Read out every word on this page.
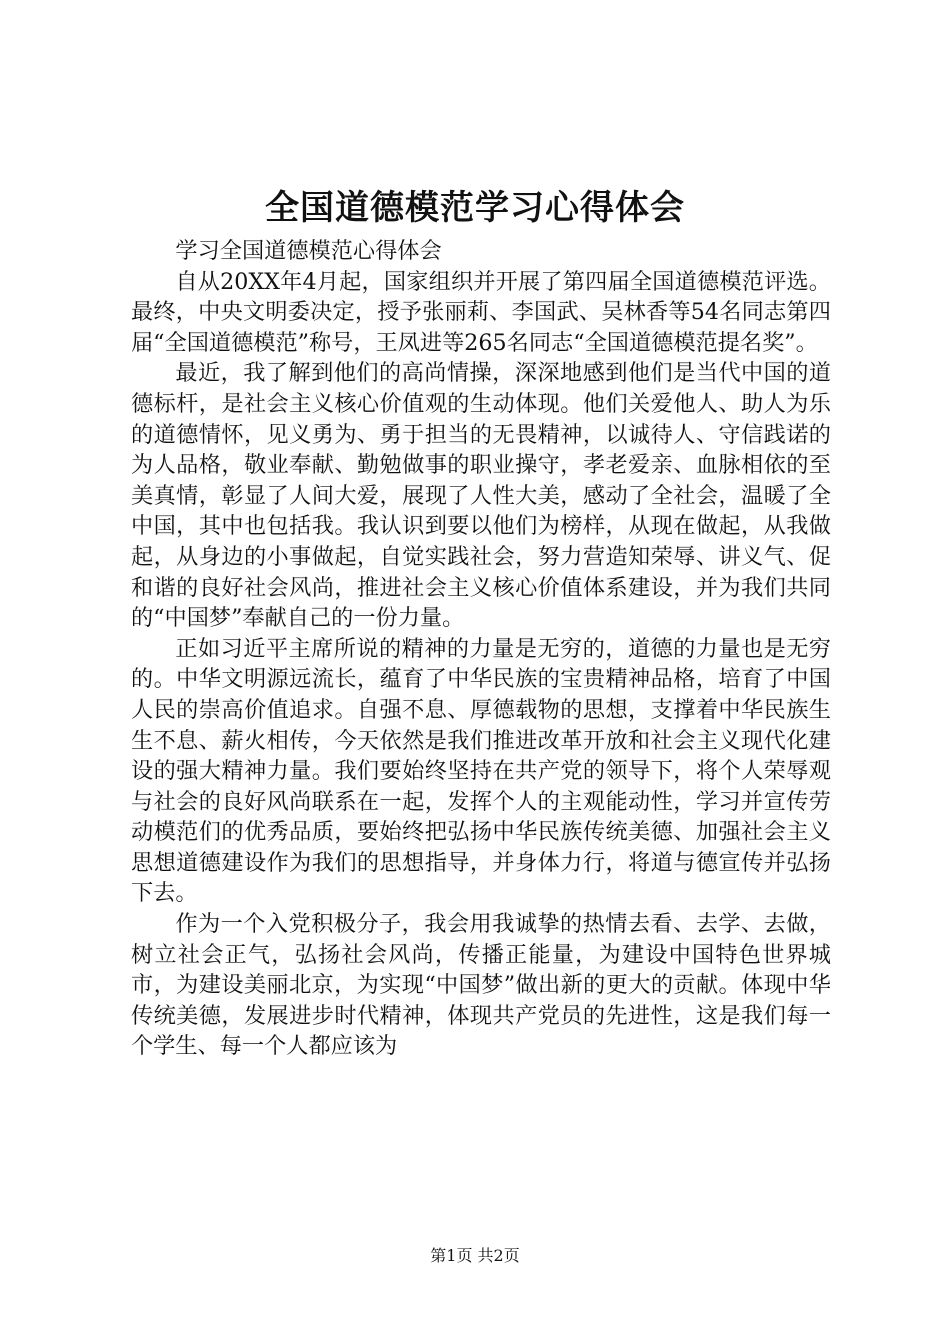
全国道德模范学习心得体会

学习全国道德模范心得体会

自从20XX年4月起，国家组织并开展了第四届全国道德模范评选。最终，中央文明委决定，授予张丽莉、李国武、吴林香等54名同志第四届“全国道德模范”称号，王凤进等265名同志“全国道德模范提名奖”。

最近，我了解到他们的高尚情操，深深地感到他们是当代中国的道德标杆，是社会主义核心价值观的生动体现。他们关爱他人、助人为乐的道德情怀，见义勇为、勇于担当的无畏精神，以诚待人、守信践诺的为人品格，敬业奉献、勤勉做事的职业操守，孝老爱亲、血脉相依的至美真情，彰显了人间大爱，展现了人性大美，感动了全社会，温暖了全中国，其中也包括我。我认识到要以他们为榜样，从现在做起，从我做起，从身边的小事做起，自觉实践社会，努力营造知荣辱、讲义气、促和谐的良好社会风尚，推进社会主义核心价值体系建设，并为我们共同的“中国梦”奉献自己的一份力量。

正如习近平主席所说的精神的力量是无穷的，道德的力量也是无穷的。中华文明源远流长，蕴育了中华民族的宝贵精神品格，培育了中国人民的崇高价值追求。自强不息、厚德载物的思想，支撑着中华民族生生不息、薪火相传，今天依然是我们推进改革开放和社会主义现代化建设的强大精神力量。我们要始终坚持在共产党的领导下，将个人荣辱观与社会的良好风尚联系在一起，发挥个人的主观能动性，学习并宣传劳动模范们的优秀品质，要始终把弘扬中华民族传统美德、加强社会主义思想道德建设作为我们的思想指导，并身体力行，将道与德宣传并弘扬下去。

作为一个入党积极分子，我会用我诚挚的热情去看、去学、去做，树立社会正气，弘扬社会风尚，传播正能量，为建设中国特色世界城市，为建设美丽北京，为实现“中国梦”做出新的更大的贡献。体现中华传统美德，发展进步时代精神，体现共产党员的先进性，这是我们每一个学生、每一个人都应该为

第1页 共2页
